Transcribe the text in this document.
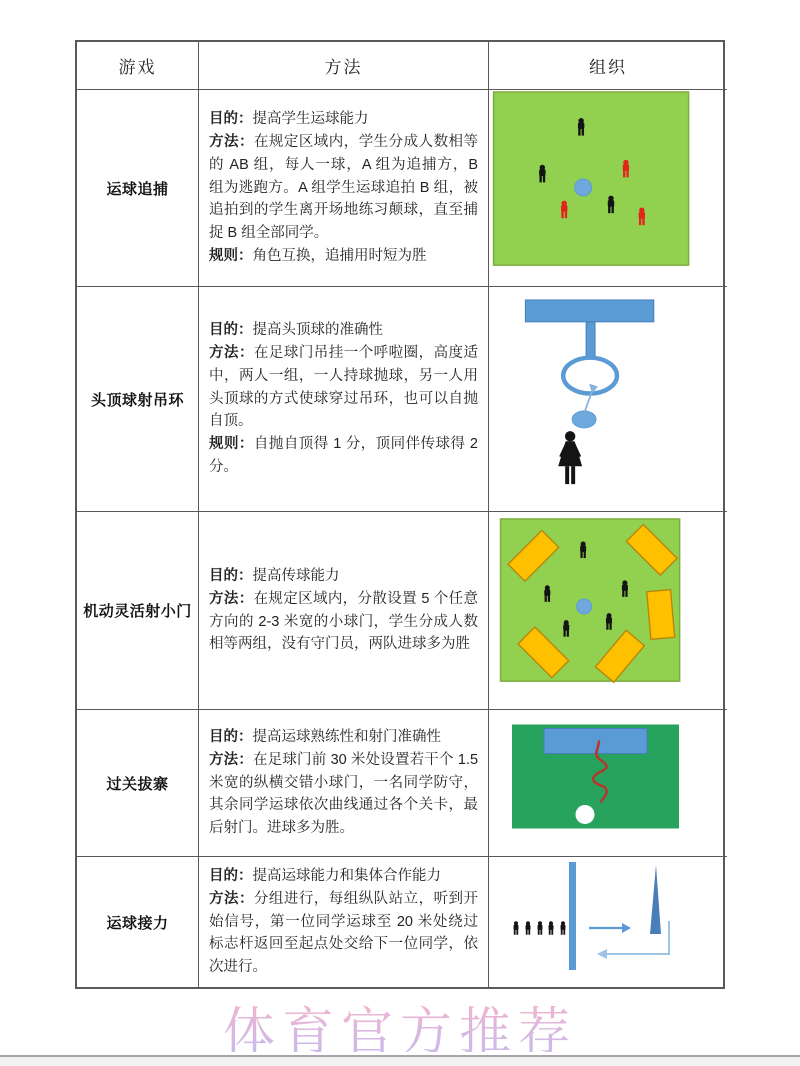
游戏	方法	组织
运球追捕
目的：提高学生运球能力
方法：在规定区域内，学生分成人数相等的 AB 组，每人一球，A 组为追捕方，B 组为逃跑方。A 组学生运球追拍 B 组，被追拍到的学生离开场地练习颠球，直至捕捉 B 组全部同学。
规则：角色互换，追捕用时短为胜
头顶球射吊环
目的：提高头顶球的准确性
方法：在足球门吊挂一个呼啦圈，高度适中，两人一组，一人持球抛球，另一人用头顶球的方式使球穿过吊环，也可以自抛自顶。
规则：自抛自顶得 1 分，顶同伴传球得 2 分。
机动灵活射小门
目的：提高传球能力
方法：在规定区域内，分散设置 5 个任意方向的 2-3 米宽的小球门，学生分成人数相等两组，没有守门员，两队进球多为胜
过关拔寨
目的：提高运球熟练性和射门准确性
方法：在足球门前 30 米处设置若干个 1.5 米宽的纵横交错小球门，一名同学防守，其余同学运球依次曲线通过各个关卡，最后射门。进球多为胜。
运球接力
目的：提高运球能力和集体合作能力
方法：分组进行，每组纵队站立，听到开始信号，第一位同学运球至 20 米处绕过标志杆返回至起点处交给下一位同学，依次进行。
体育官方推荐
